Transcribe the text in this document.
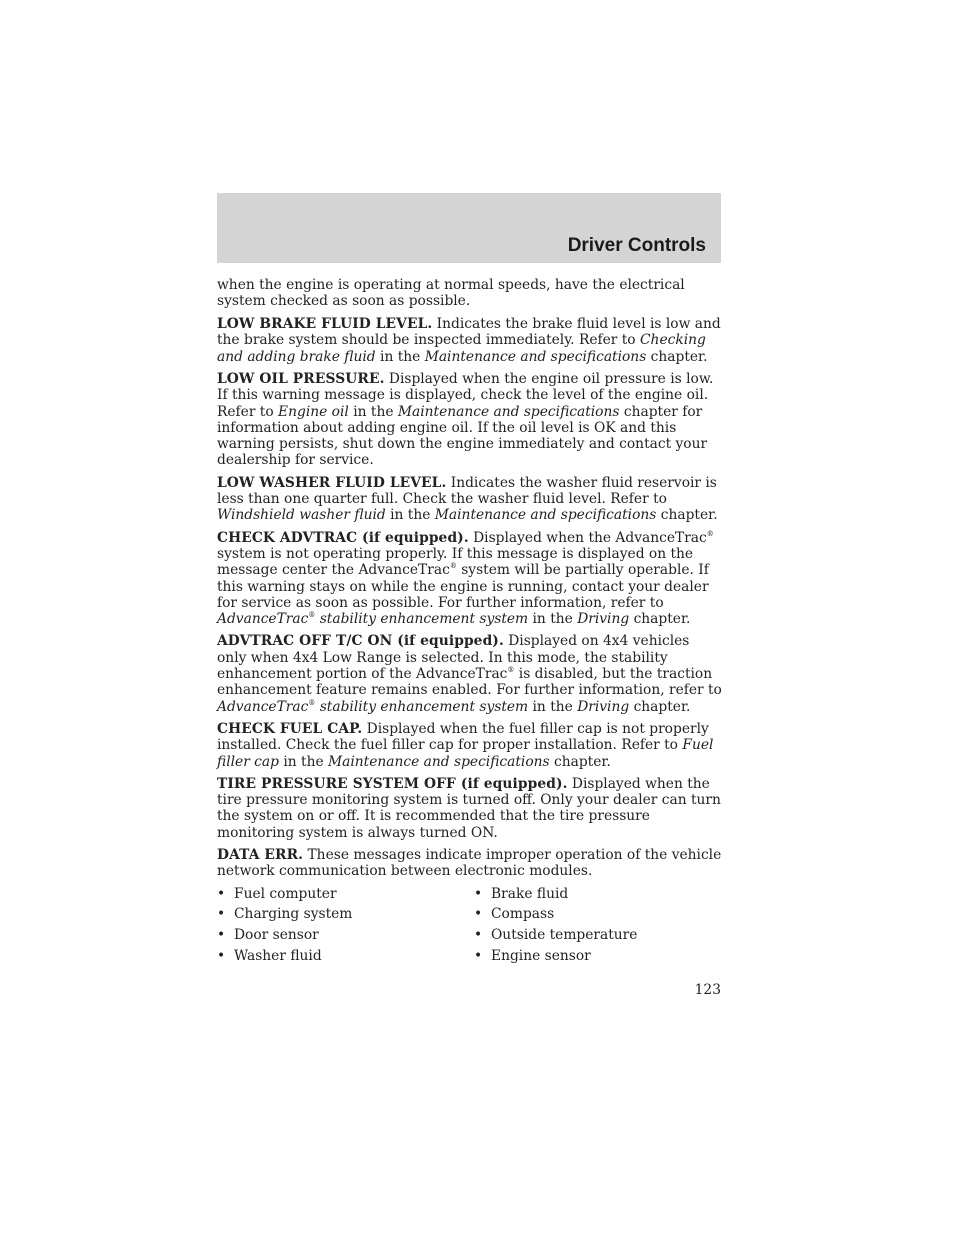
Driver Controls

when the engine is operating at normal speeds, have the electrical system checked as soon as possible.

LOW BRAKE FLUID LEVEL. Indicates the brake fluid level is low and the brake system should be inspected immediately. Refer to Checking and adding brake fluid in the Maintenance and specifications chapter.

LOW OIL PRESSURE. Displayed when the engine oil pressure is low. If this warning message is displayed, check the level of the engine oil. Refer to Engine oil in the Maintenance and specifications chapter for information about adding engine oil. If the oil level is OK and this warning persists, shut down the engine immediately and contact your dealership for service.

LOW WASHER FLUID LEVEL. Indicates the washer fluid reservoir is less than one quarter full. Check the washer fluid level. Refer to Windshield washer fluid in the Maintenance and specifications chapter.

CHECK ADVTRAC (if equipped). Displayed when the AdvanceTrac® system is not operating properly. If this message is displayed on the message center the AdvanceTrac® system will be partially operable. If this warning stays on while the engine is running, contact your dealer for service as soon as possible. For further information, refer to AdvanceTrac® stability enhancement system in the Driving chapter.

ADVTRAC OFF T/C ON (if equipped). Displayed on 4x4 vehicles only when 4x4 Low Range is selected. In this mode, the stability enhancement portion of the AdvanceTrac® is disabled, but the traction enhancement feature remains enabled. For further information, refer to AdvanceTrac® stability enhancement system in the Driving chapter.

CHECK FUEL CAP. Displayed when the fuel filler cap is not properly installed. Check the fuel filler cap for proper installation. Refer to Fuel filler cap in the Maintenance and specifications chapter.

TIRE PRESSURE SYSTEM OFF (if equipped). Displayed when the tire pressure monitoring system is turned off. Only your dealer can turn the system on or off. It is recommended that the tire pressure monitoring system is always turned ON.

DATA ERR. These messages indicate improper operation of the vehicle network communication between electronic modules.

• Fuel computer	• Brake fluid
• Charging system	• Compass
• Door sensor	• Outside temperature
• Washer fluid	• Engine sensor
123
